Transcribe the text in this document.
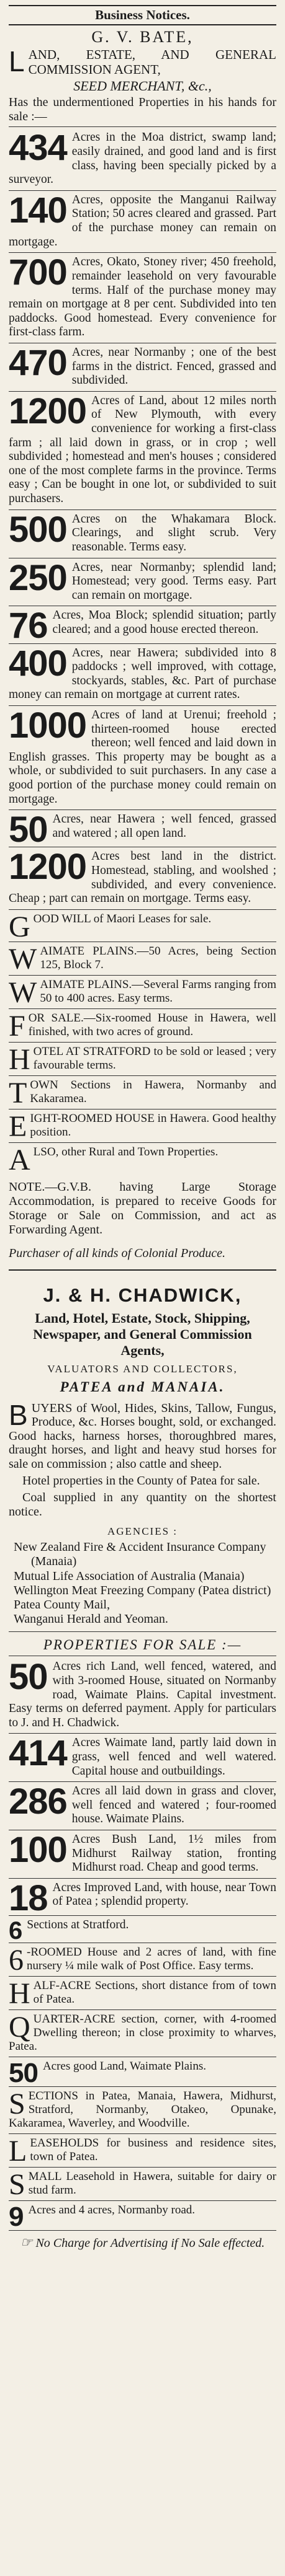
Business Notices.
G. V. BATE,
LAND, ESTATE, AND GENERAL COMMISSION AGENT,
SEED MERCHANT, &c.,
Has the undermentioned Properties in his hands for sale :—
434 Acres in the Moa district, swamp land; easily drained, and good land and is first class, having been specially picked by a surveyor.
140 Acres, opposite the Manganui Railway Station; 50 acres cleared and grassed. Part of the purchase money can remain on mortgage.
700 Acres, Okato, Stoney river; 450 freehold, remainder leasehold on very favourable terms. Half of the purchase money may remain on mortgage at 8 per cent. Subdivided into ten paddocks. Good homestead. Every convenience for first-class farm.
470 Acres, near Normanby ; one of the best farms in the district. Fenced, grassed and subdivided.
1200 Acres of Land, about 12 miles north of New Plymouth, with every convenience for working a first-class farm ; all laid down in grass, or in crop ; well subdivided ; homestead and men's houses ; considered one of the most complete farms in the province. Terms easy ; Can be bought in one lot, or subdivided to suit purchasers.
500 Acres on the Whakamara Block. Clearings, and slight scrub. Very reasonable. Terms easy.
250 Acres, near Normanby; splendid land; Homestead; very good. Terms easy. Part can remain on mortgage.
76 Acres, Moa Block; splendid situation; partly cleared; and a good house erected thereon.
400 Acres, near Hawera; subdivided into 8 paddocks ; well improved, with cottage, stockyards, stables, &c. Part of purchase money can remain on mortgage at current rates.
1000 Acres of land at Urenui; freehold ; thirteen-roomed house erected thereon; well fenced and laid down in English grasses. This property may be bought as a whole, or subdivided to suit purchasers. In any case a good portion of the purchase money could remain on mortgage.
50 Acres, near Hawera ; well fenced, grassed and watered ; all open land.
1200 Acres best land in the district. Homestead, stabling, and woolshed ; subdivided, and every convenience. Cheap ; part can remain on mortgage. Terms easy.
GOOD WILL of Maori Leases for sale.
WAIMATE PLAINS.—50 Acres, being Section 125, Block 7.
WAIMATE PLAINS.—Several Farms ranging from 50 to 400 acres. Easy terms.
FOR SALE.—Six-roomed House in Hawera, well finished, with two acres of ground.
HOTEL AT STRATFORD to be sold or leased ; very favourable terms.
TOWN Sections in Hawera, Normanby and Kakaramea.
EIGHT-ROOMED HOUSE in Hawera. Good healthy position.
ALSO, other Rural and Town Properties.
NOTE.—G.V.B. having Large Storage Accommodation, is prepared to receive Goods for Storage or Sale on Commission, and act as Forwarding Agent.
Purchaser of all kinds of Colonial Produce.
J. & H. CHADWICK,
Land, Hotel, Estate, Stock, Shipping, Newspaper, and General Commission Agents,
VALUATORS AND COLLECTORS,
PATEA and MANAIA.
BUYERS of Wool, Hides, Skins, Tallow, Fungus, Produce, &c. Horses bought, sold, or exchanged. Good hacks, harness horses, thoroughbred mares, draught horses, and light and heavy stud horses for sale on commission ; also cattle and sheep.
Hotel properties in the County of Patea for sale.
Coal supplied in any quantity on the shortest notice.
AGENCIES :
New Zealand Fire & Accident Insurance Company (Manaia)
Mutual Life Association of Australia (Manaia)
Wellington Meat Freezing Company (Patea district)
Patea County Mail,
Wanganui Herald and Yeoman.
PROPERTIES FOR SALE :—
50 Acres rich Land, well fenced, watered, and with 3-roomed House, situated on Normanby road, Waimate Plains. Capital investment. Easy terms on deferred payment. Apply for particulars to J. and H. Chadwick.
414 Acres Waimate land, partly laid down in grass, well fenced and well watered. Capital house and outbuildings.
286 Acres all laid down in grass and clover, well fenced and watered ; four-roomed house. Waimate Plains.
100 Acres Bush Land, 1½ miles from Midhurst Railway station, fronting Midhurst road. Cheap and good terms.
18 Acres Improved Land, with house, near Town of Patea ; splendid property.
6 Sections at Stratford.
6 -ROOMED House and 2 acres of land, with fine nursery ¼ mile walk of Post Office. Easy terms.
HALF-ACRE Sections, short distance from of town of Patea.
QUARTER-ACRE section, corner, with 4-roomed Dwelling thereon; in close proximity to wharves, Patea.
50 Acres good Land, Waimate Plains.
SECTIONS in Patea, Manaia, Hawera, Midhurst, Stratford, Normanby, Otakeo, Opunake, Kakaramea, Waverley, and Woodville.
LEASEHOLDS for business and residence sites, town of Patea.
SMALL Leasehold in Hawera, suitable for dairy or stud farm.
9 Acres and 4 acres, Normanby road.
☞ No Charge for Advertising if No Sale effected.
